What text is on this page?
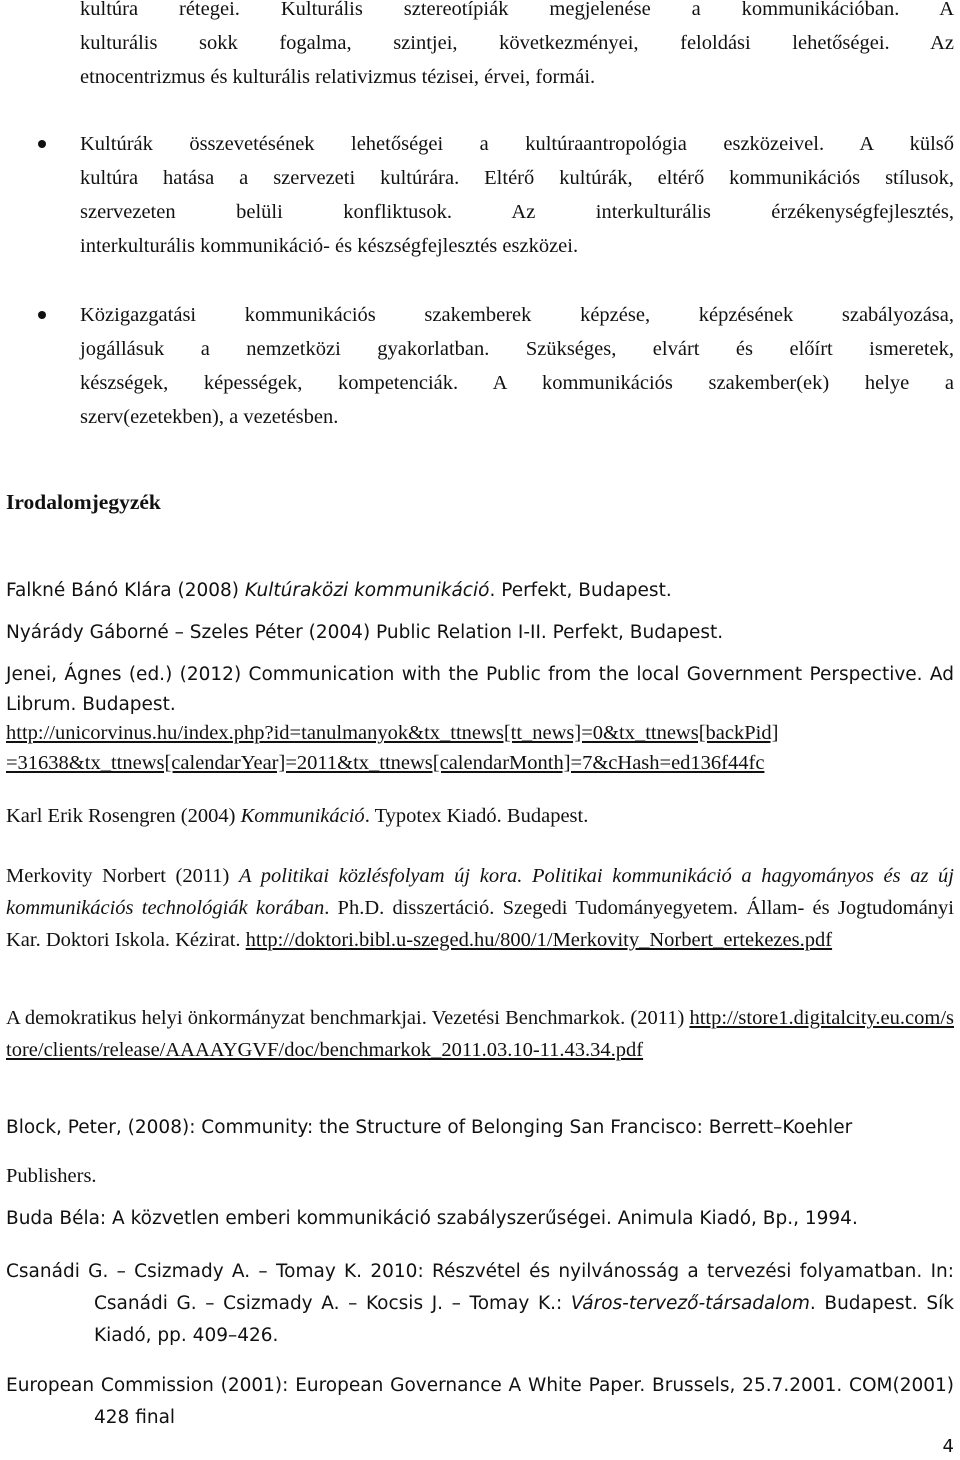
kultúra rétegei. Kulturális sztereotípiák megjelenése a kommunikációban. A
kulturális sokk fogalma, szintjei, következményei, feloldási lehetőségei. Az
etnocentrizmus és kulturális relativizmus tézisei, érvei, formái.
Kultúrák összevetésének lehetőségei a kultúraantropológia eszközeivel. A külső
kultúra hatása a szervezeti kultúrára. Eltérő kultúrák, eltérő kommunikációs stílusok,
szervezeten belüli konfliktusok. Az interkulturális érzékenységfejlesztés,
interkulturális kommunikáció- és készségfejlesztés eszközei.
Közigazgatási kommunikációs szakemberek képzése, képzésének szabályozása,
jogállásuk a nemzetközi gyakorlatban. Szükséges, elvárt és előírt ismeretek,
készségek, képességek, kompetenciák. A kommunikációs szakember(ek) helye a
szerv(ezetekben), a vezetésben.
Irodalomjegyzék
Falkné Bánó Klára (2008) Kultúraközi kommunikáció. Perfekt, Budapest.
Nyárády Gáborné – Szeles Péter (2004) Public Relation I-II. Perfekt, Budapest.
Jenei, Ágnes (ed.) (2012) Communication with the Public from the local Government Perspective. Ad Librum. Budapest.
http://unicorvinus.hu/index.php?id=tanulmanyok&tx_ttnews[tt_news]=0&tx_ttnews[backPid]
=31638&tx_ttnews[calendarYear]=2011&tx_ttnews[calendarMonth]=7&cHash=ed136f44fc
Karl Erik Rosengren (2004) Kommunikáció. Typotex Kiadó. Budapest.
Merkovity Norbert (2011) A politikai közlésfolyam új kora. Politikai kommunikáció a hagyományos és az új kommunikációs technológiák korában. Ph.D. disszertáció. Szegedi Tudományegyetem. Állam- és Jogtudományi Kar. Doktori Iskola. Kézirat. http://doktori.bibl.u-szeged.hu/800/1/Merkovity_Norbert_ertekezes.pdf
A demokratikus helyi önkormányzat benchmarkjai. Vezetési Benchmarkok. (2011) http://store1.digitalcity.eu.com/store/clients/release/AAAAYGVF/doc/benchmarkok_2011.03.10-11.43.34.pdf
Block, Peter, (2008): Community: the Structure of Belonging San Francisco: Berrett–Koehler
Publishers.
Buda Béla: A közvetlen emberi kommunikáció szabályszerűségei. Animula Kiadó, Bp., 1994.
Csanádi G. – Csizmady A. – Tomay K. 2010: Részvétel és nyilvánosság a tervezési folyamatban. In: Csanádi G. – Csizmady A. – Kocsis J. – Tomay K.: Város-tervező-társadalom. Budapest. Sík Kiadó, pp. 409–426.
European Commission (2001): European Governance A White Paper. Brussels, 25.7.2001. COM(2001) 428 final
4
